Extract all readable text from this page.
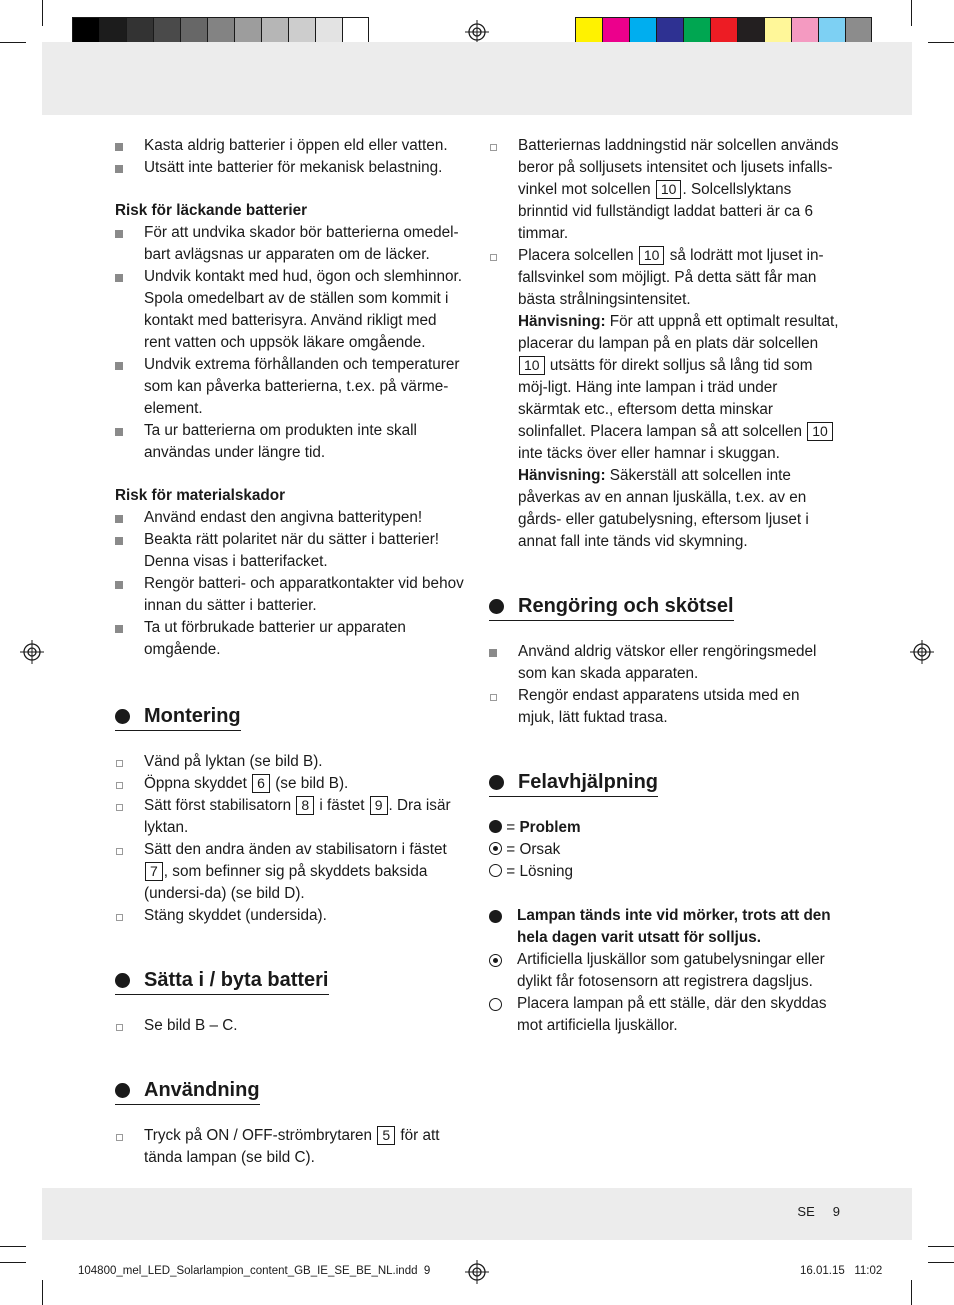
Kasta aldrig batterier i öppen eld eller vatten.
Utsätt inte batterier för mekanisk belastning.
Risk för läckande batterier
För att undvika skador bör batterierna omedel-bart avlägsnas ur apparaten om de läcker.
Undvik kontakt med hud, ögon och slemhinnor. Spola omedelbart av de ställen som kommit i kontakt med batterisyra. Använd rikligt med rent vatten och uppsök läkare omgående.
Undvik extrema förhållanden och temperaturer som kan påverka batterierna, t.ex. på värme-element.
Ta ur batterierna om produkten inte skall användas under längre tid.
Risk för materialskador
Använd endast den angivna batteritypen!
Beakta rätt polaritet när du sätter i batterier! Denna visas i batterifacket.
Rengör batteri- och apparatkontakter vid behov innan du sätter i batterier.
Ta ut förbrukade batterier ur apparaten omgående.
Montering
Vänd på lyktan (se bild B).
Öppna skyddet 6 (se bild B).
Sätt först stabilisatorn 8 i fästet 9 . Dra isär lyktan.
Sätt den andra änden av stabilisatorn i fästet 7 , som befinner sig på skyddets baksida (undersi-da) (se bild D).
Stäng skyddet (undersida).
Sätta i / byta batteri
Se bild B – C.
Användning
Tryck på ON / OFF-strömbrytaren 5 för att tända lampan (se bild C).
Batteriernas laddningstid när solcellen används beror på solljusets intensitet och ljusets infalls-vinkel mot solcellen 10 . Solcellslyktans brinntid vid fullständigt laddat batteri är ca 6 timmar.
Placera solcellen 10 så lodrätt mot ljuset in-fallsvinkel som möjligt. På detta sätt får man bästa strålningsintensitet.
Hänvisning: För att uppnå ett optimalt resultat, placerar du lampan på en plats där solcellen 10 utsätts för direkt solljus så lång tid som möj-ligt. Häng inte lampan i träd under skärmtak etc., eftersom detta minskar solinfallet. Placera lampan så att solcellen 10 inte täcks över eller hamnar i skuggan.
Hänvisning: Säkerställ att solcellen inte påverkas av en annan ljuskälla, t.ex. av en gårds- eller gatubelysning, eftersom ljuset i annat fall inte tänds vid skymning.
Rengöring och skötsel
Använd aldrig vätskor eller rengöringsmedel som kan skada apparaten.
Rengör endast apparatens utsida med en mjuk, lätt fuktad trasa.
Felavhjälpning
= Problem
= Orsak
= Lösning
Lampan tänds inte vid mörker, trots att den hela dagen varit utsatt för solljus.
Artificiella ljuskällor som gatubelysningar eller dylikt får fotosensorn att registrera dagsljus.
Placera lampan på ett ställe, där den skyddas mot artificiella ljuskällor.
SE 9
104800_mel_LED_Solarlampion_content_GB_IE_SE_BE_NL.indd 9	16.01.15 11:02
